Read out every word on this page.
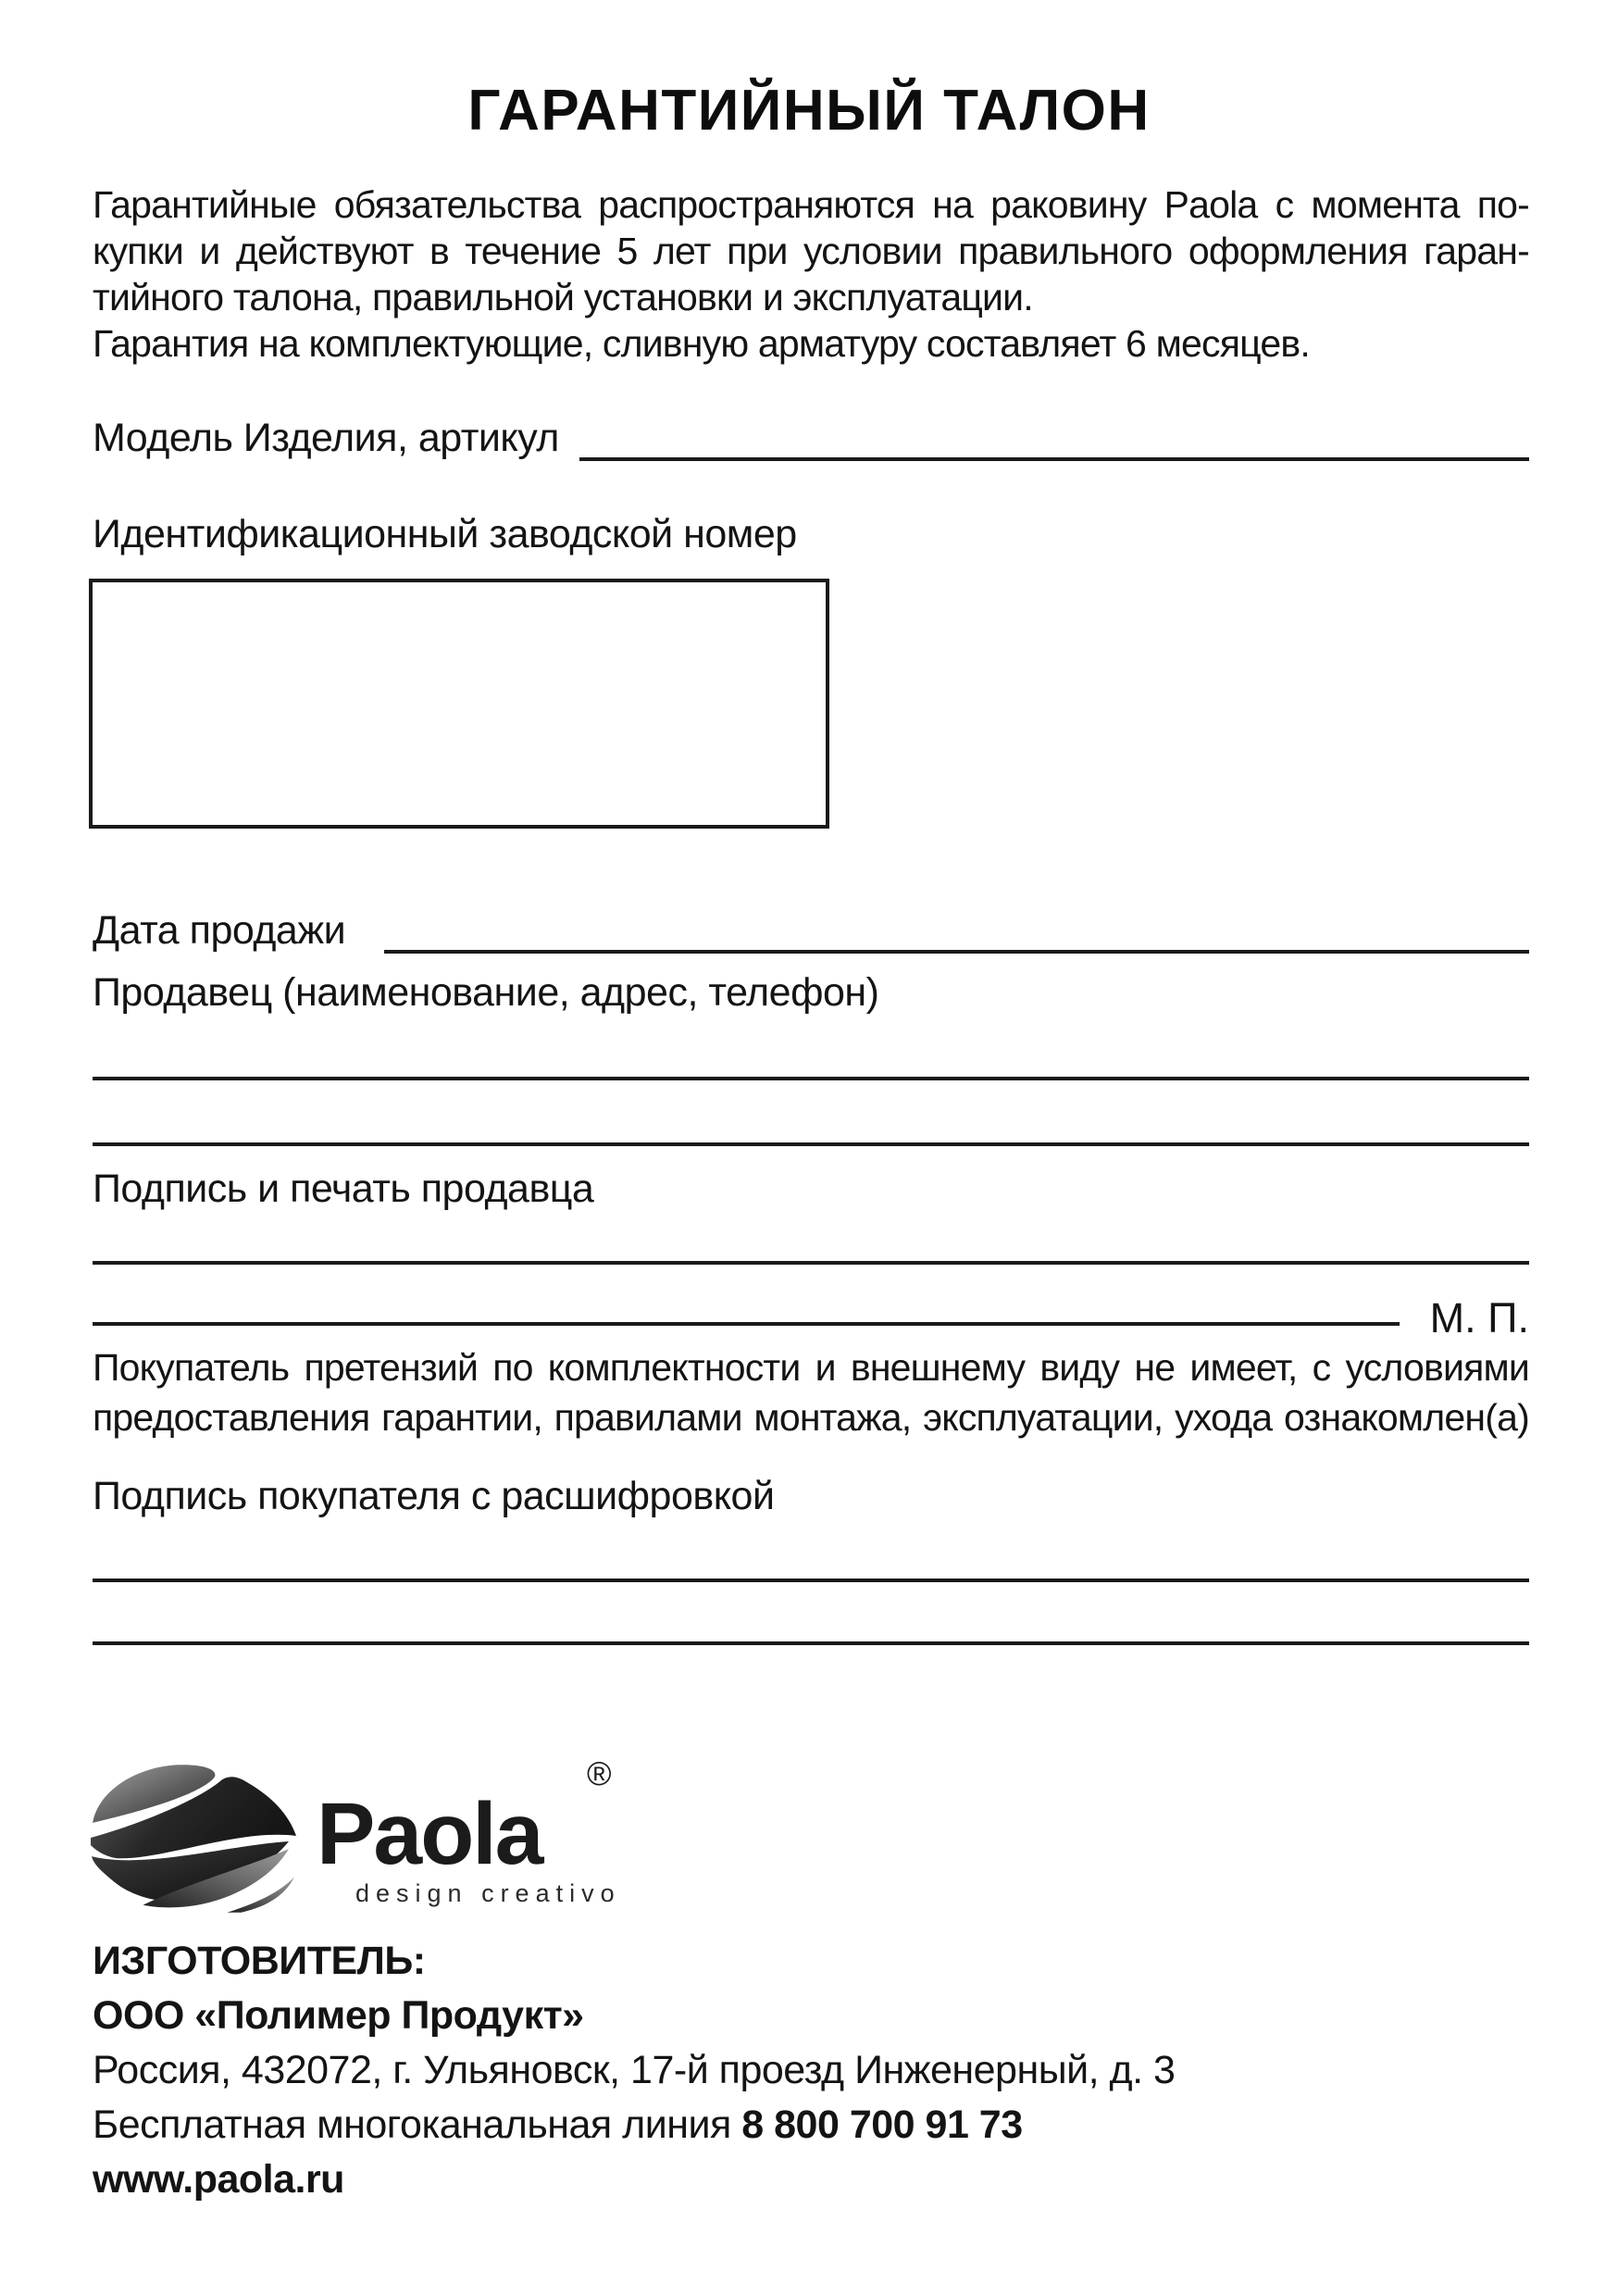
ГАРАНТИЙНЫЙ ТАЛОН
Гарантийные обязательства распространяются на раковину Paola с момента по-
купки и действуют в течение 5 лет при условии правильного оформления гаран-
тийного талона, правильной установки и эксплуатации.
Гарантия на комплектующие, сливную арматуру составляет 6 месяцев.
Модель Изделия, артикул
Идентификационный заводской номер
Дата продажи
Продавец (наименование, адрес, телефон)
Подпись и печать продавца
М. П.
Покупатель претензий по комплектности и внешнему виду не имеет, с условиями
предоставления гарантии, правилами монтажа, эксплуатации, ухода ознакомлен(а)
Подпись покупателя с расшифровкой
Paola
®
design creativo
ИЗГОТОВИТЕЛЬ:
ООО «Полимер Продукт»
Россия, 432072, г. Ульяновск, 17-й проезд Инженерный, д. 3
Бесплатная многоканальная линия 8 800 700 91 73
www.paola.ru
